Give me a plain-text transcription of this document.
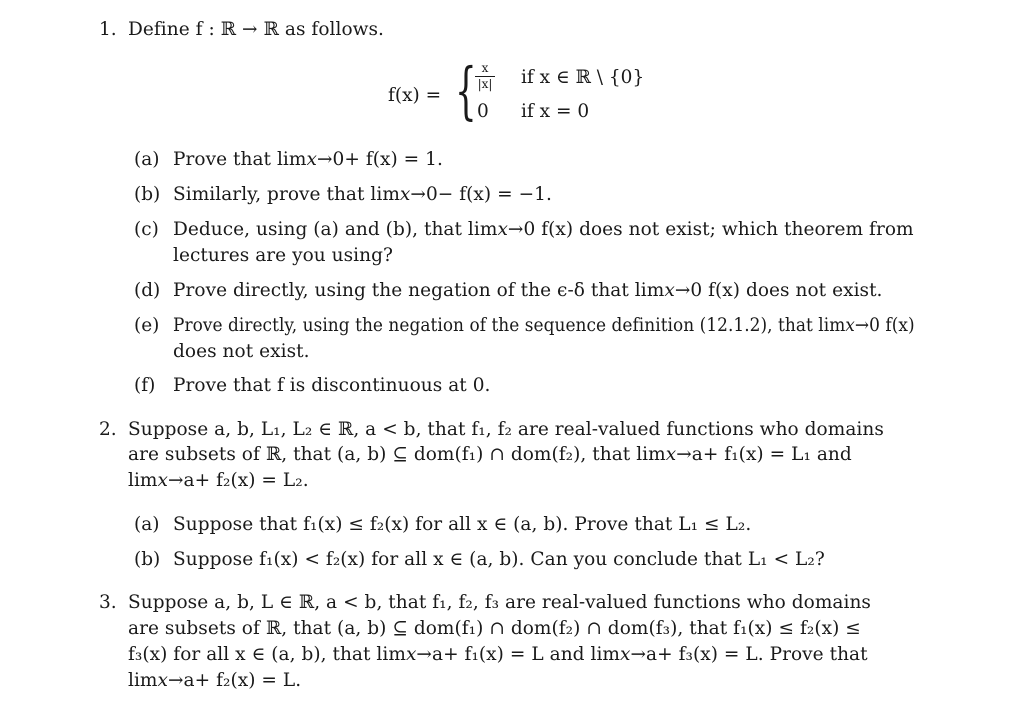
1. Define f : ℝ → ℝ as follows.
f(x) = { x
|x| if x ∈ ℝ \ {0}
0 if x = 0
(a) Prove that lim𝑥→0+ f(x) = 1.
(b) Similarly, prove that lim𝑥→0− f(x) = −1.
(c) Deduce, using (a) and (b), that lim𝑥→0 f(x) does not exist; which theorem from
lectures are you using?
(d) Prove directly, using the negation of the ϵ-δ that lim𝑥→0 f(x) does not exist.
(e) Prove directly, using the negation of the sequence definition (12.1.2), that lim𝑥→0 f(x)
does not exist.
(f) Prove that f is discontinuous at 0.
2. Suppose a, b, L₁, L₂ ∈ ℝ, a < b, that f₁, f₂ are real-valued functions who domains
are subsets of ℝ, that (a, b) ⊆ dom(f₁) ∩ dom(f₂), that lim𝑥→a+ f₁(x) = L₁ and
lim𝑥→a+ f₂(x) = L₂.
(a) Suppose that f₁(x) ≤ f₂(x) for all x ∈ (a, b). Prove that L₁ ≤ L₂.
(b) Suppose f₁(x) < f₂(x) for all x ∈ (a, b). Can you conclude that L₁ < L₂?
3. Suppose a, b, L ∈ ℝ, a < b, that f₁, f₂, f₃ are real-valued functions who domains
are subsets of ℝ, that (a, b) ⊆ dom(f₁) ∩ dom(f₂) ∩ dom(f₃), that f₁(x) ≤ f₂(x) ≤
f₃(x) for all x ∈ (a, b), that lim𝑥→a+ f₁(x) = L and lim𝑥→a+ f₃(x) = L. Prove that
lim𝑥→a+ f₂(x) = L.
